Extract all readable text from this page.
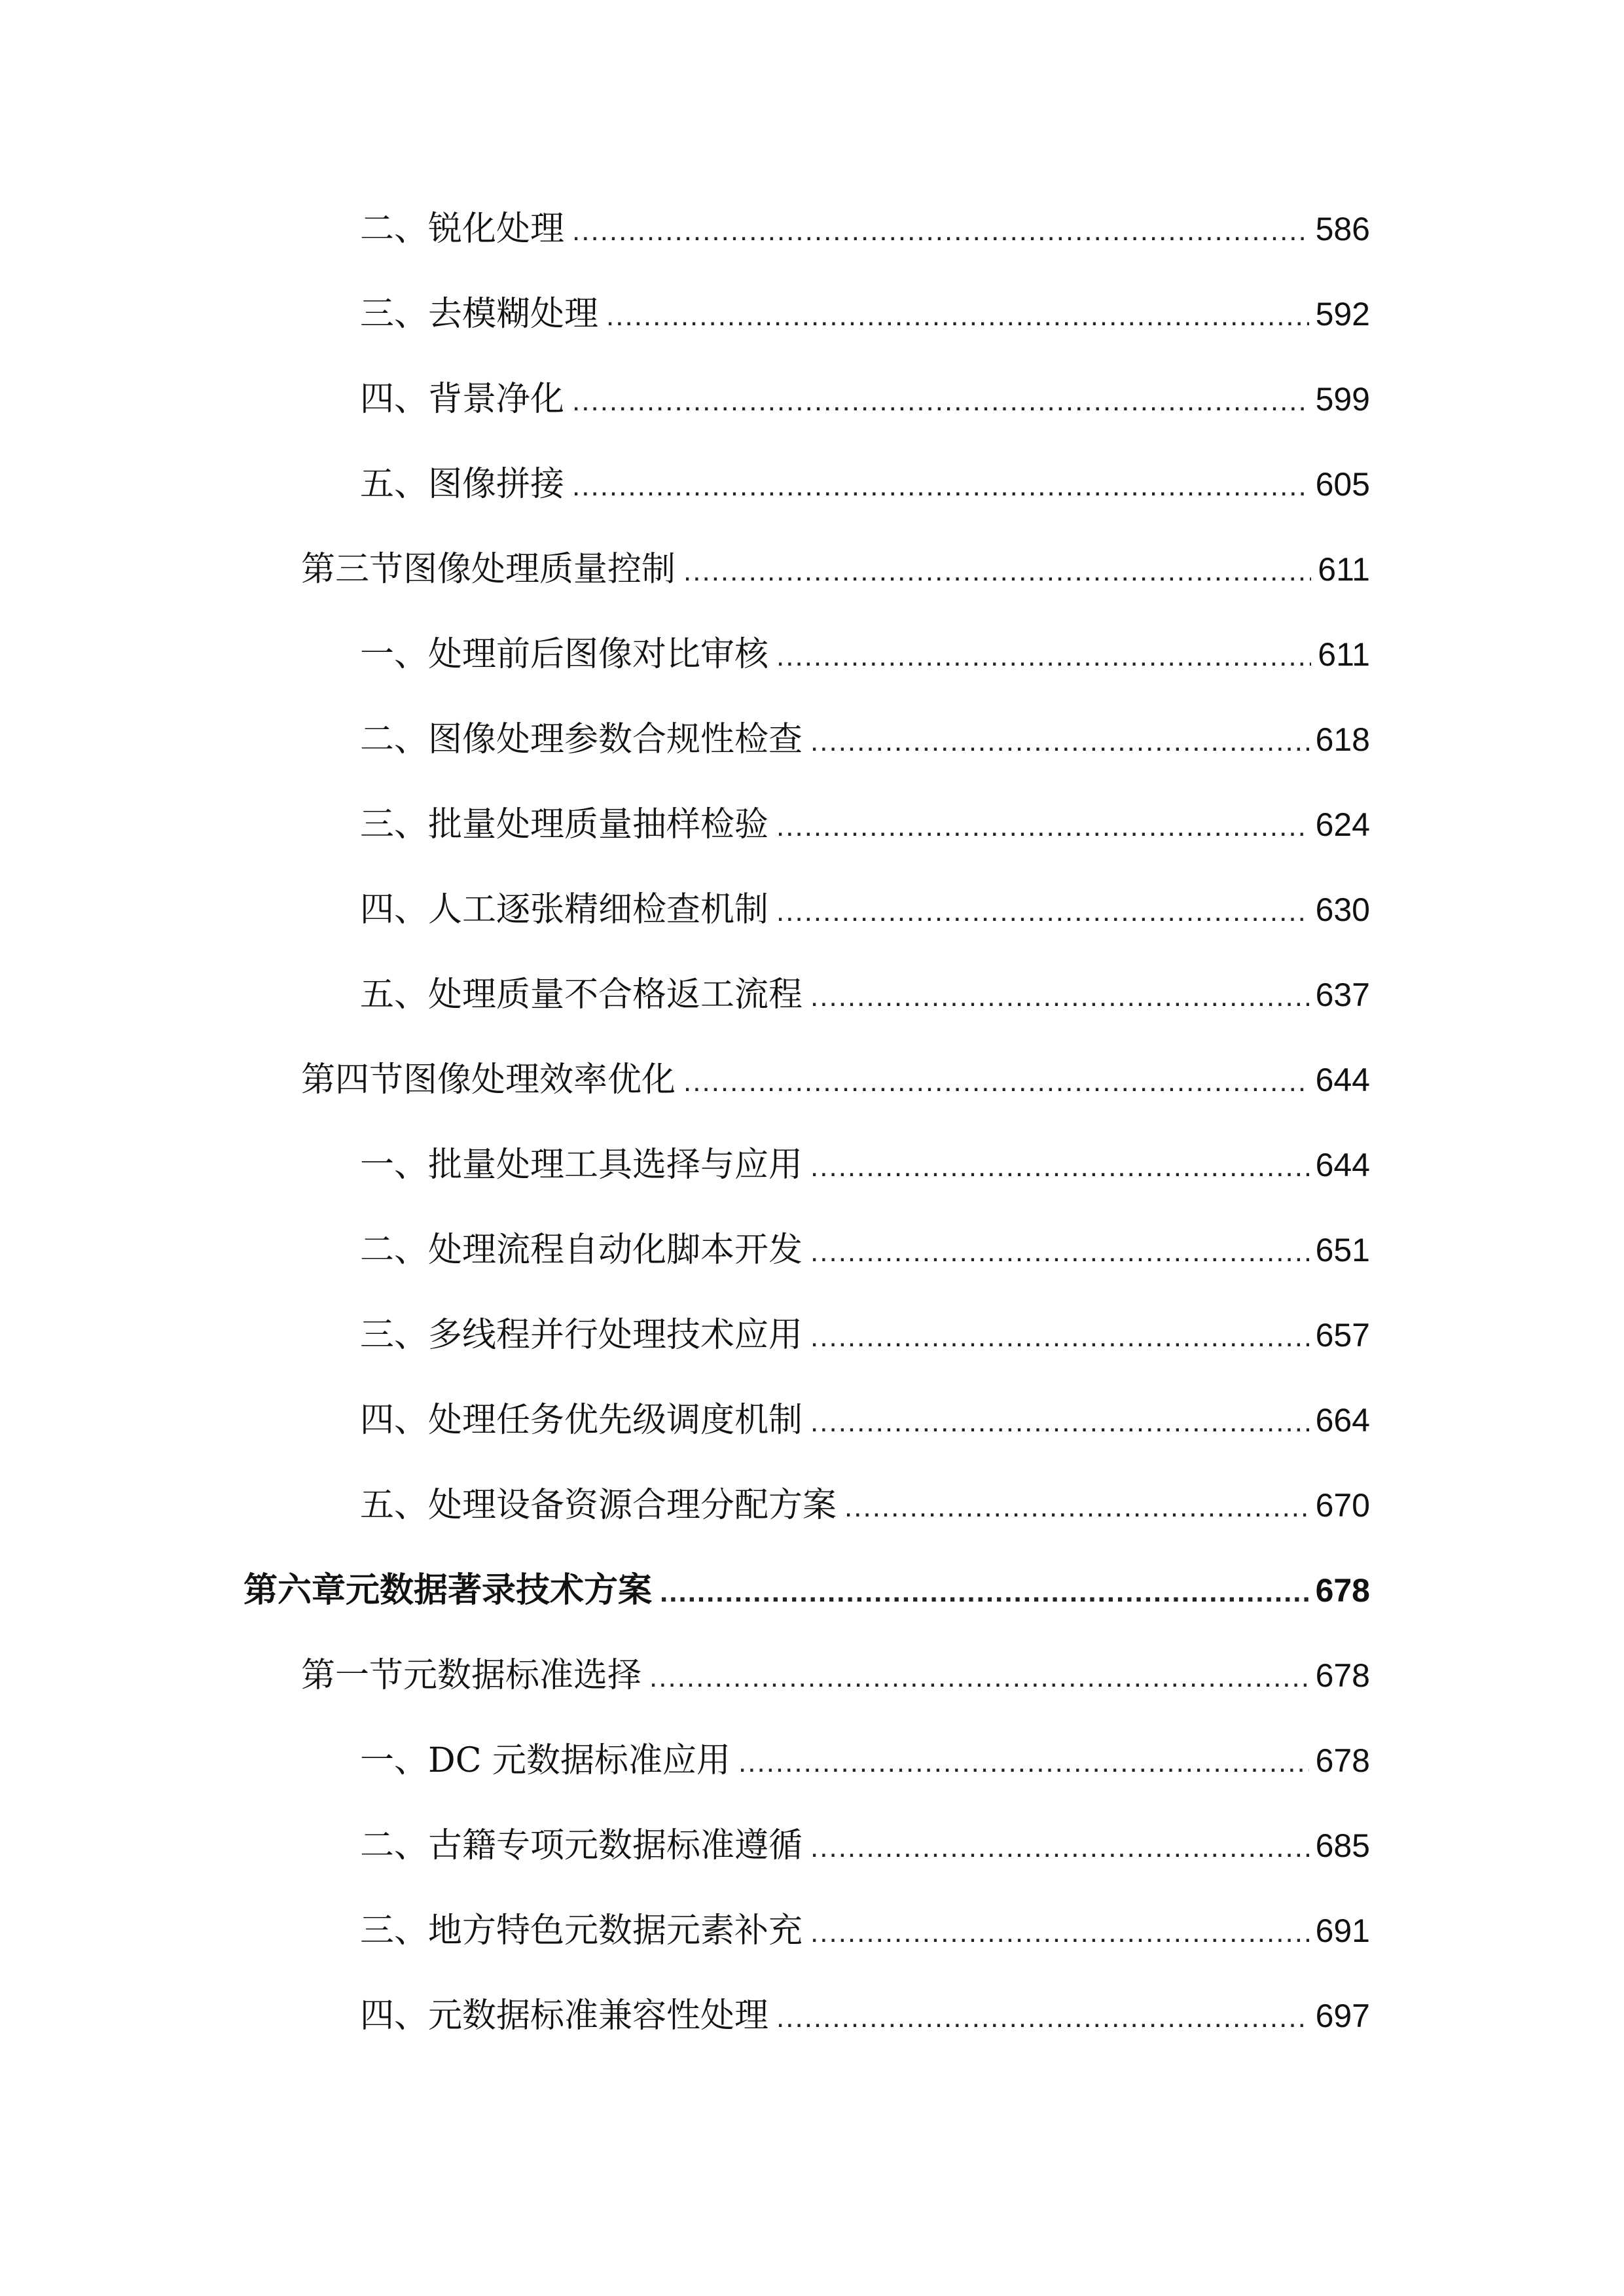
二、锐化处理 .....	586
三、去模糊处理 .....	592
四、背景净化 .....	599
五、图像拼接 .....	605
第三节图像处理质量控制 .....	611
一、处理前后图像对比审核 .....	611
二、图像处理参数合规性检查 .....	618
三、批量处理质量抽样检验 .....	624
四、人工逐张精细检查机制 .....	630
五、处理质量不合格返工流程 .....	637
第四节图像处理效率优化 .....	644
一、批量处理工具选择与应用 .....	644
二、处理流程自动化脚本开发 .....	651
三、多线程并行处理技术应用 .....	657
四、处理任务优先级调度机制 .....	664
五、处理设备资源合理分配方案 .....	670
第六章元数据著录技术方案 .....	678
第一节元数据标准选择 .....	678
一、DC 元数据标准应用 .....	678
二、古籍专项元数据标准遵循 .....	685
三、地方特色元数据元素补充 .....	691
四、元数据标准兼容性处理 .....	697
